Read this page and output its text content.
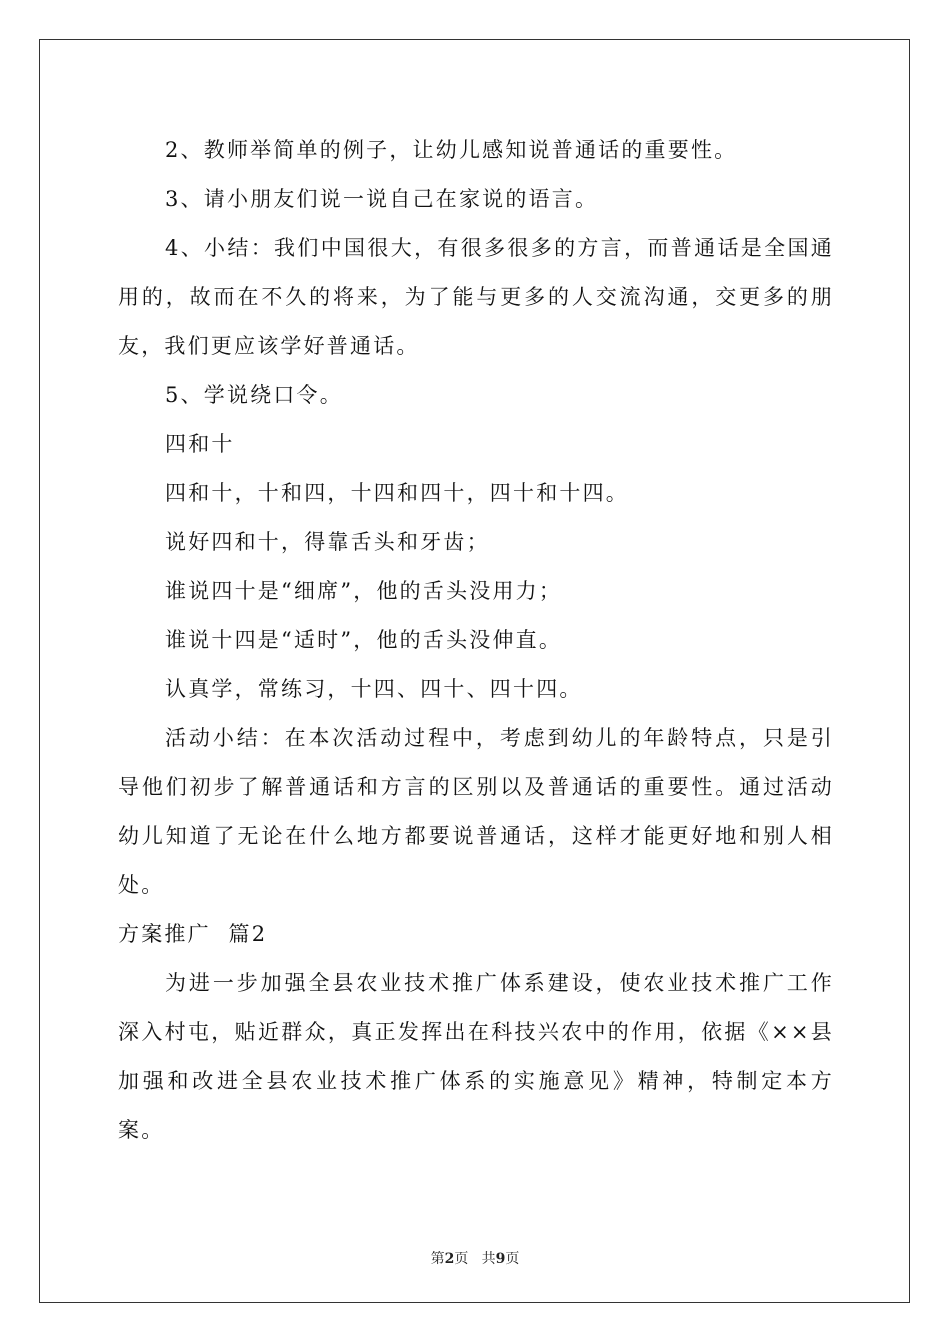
2、教师举简单的例子，让幼儿感知说普通话的重要性。

3、请小朋友们说一说自己在家说的语言。

4、小结：我们中国很大，有很多很多的方言，而普通话是全国通用的，故而在不久的将来，为了能与更多的人交流沟通，交更多的朋友，我们更应该学好普通话。

5、学说绕口令。

四和十

四和十，十和四，十四和四十，四十和十四。

说好四和十，得靠舌头和牙齿；

谁说四十是“细席”，他的舌头没用力；

谁说十四是“适时”，他的舌头没伸直。

认真学，常练习，十四、四十、四十四。

活动小结：在本次活动过程中，考虑到幼儿的年龄特点，只是引导他们初步了解普通话和方言的区别以及普通话的重要性。通过活动幼儿知道了无论在什么地方都要说普通话，这样才能更好地和别人相处。

方案推广  篇2

为进一步加强全县农业技术推广体系建设，使农业技术推广工作深入村屯，贴近群众，真正发挥出在科技兴农中的作用，依据《××县加强和改进全县农业技术推广体系的实施意见》精神，特制定本方案。

第2页 共9页
